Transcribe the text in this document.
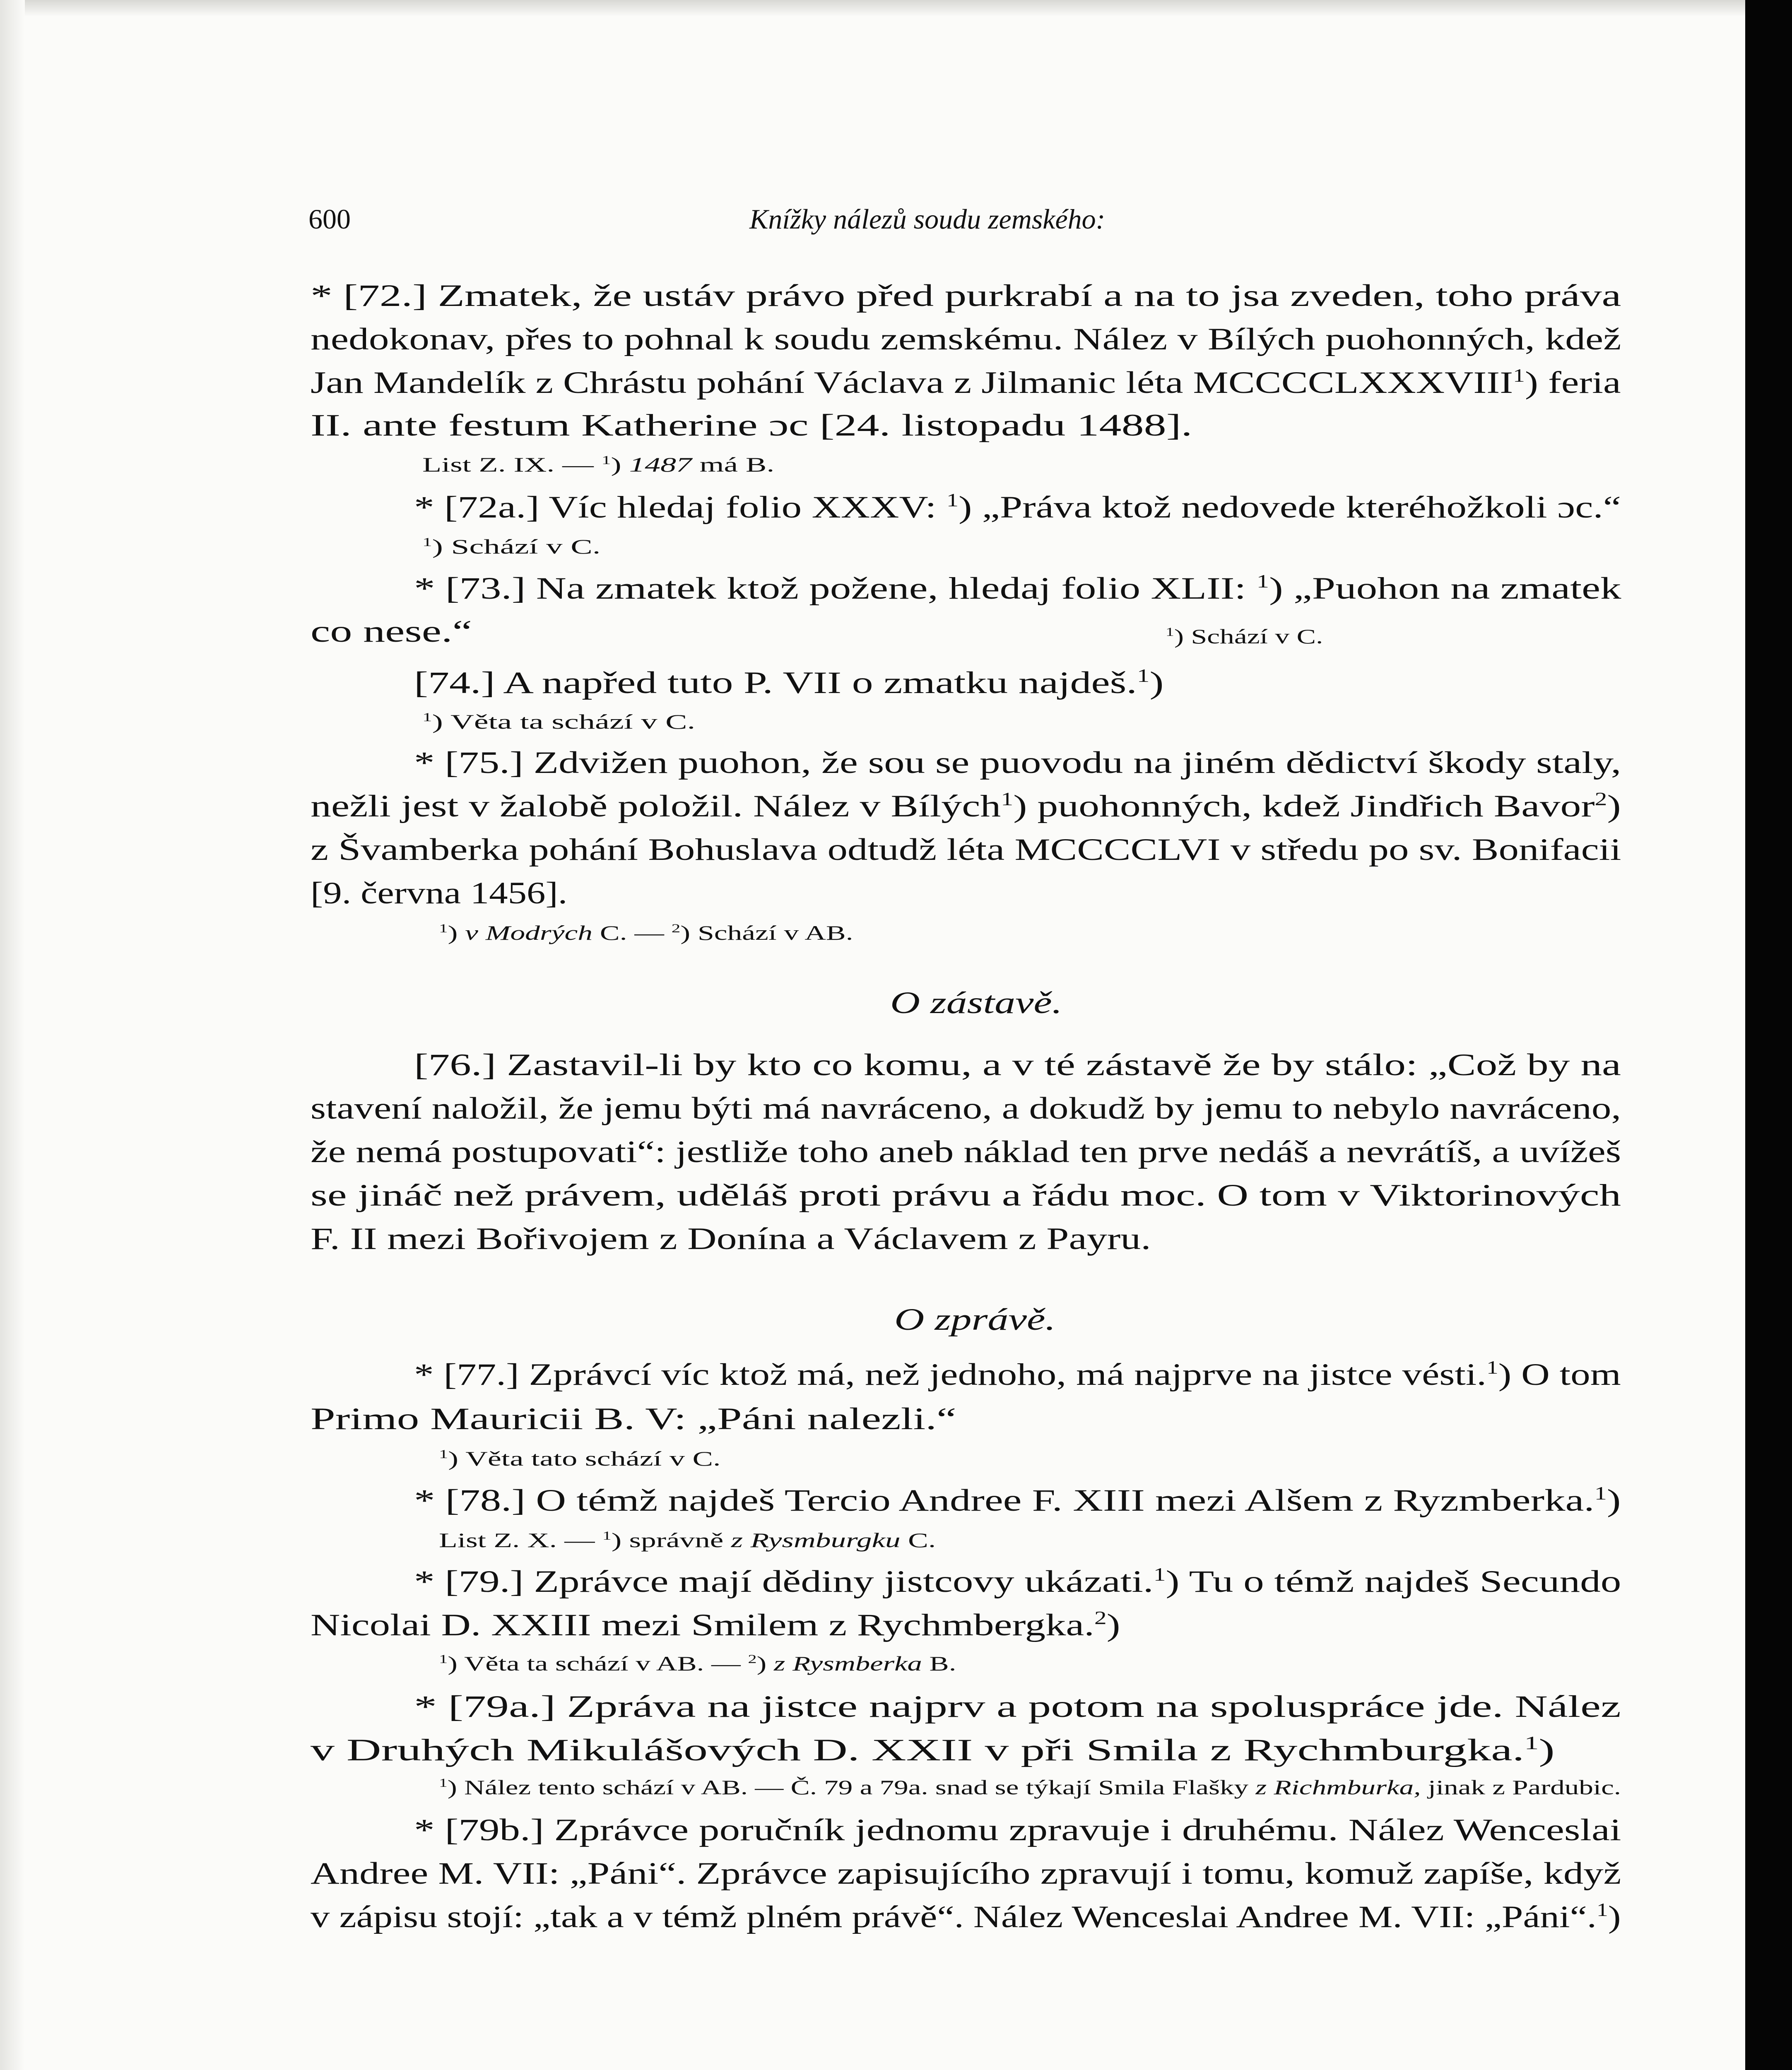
600	Knížky nálezů soudu zemského:
* [72.] Zmatek, že ustáv právo před purkrabí a na to jsa zveden, toho práva
nedokonav, přes to pohnal k soudu zemskému. Nález v Bílých puohonných, kdež
Jan Mandelík z Chrástu pohání Václava z Jilmanic léta MCCCCLXXXVIII$^1$) feria
II. ante festum Katherine ɔc [24. listopadu 1488].
List Z. IX. — $^1$) 1487 má B.
* [72a.] Víc hledaj folio XXXV: $^1$) „Práva ktož nedovede kteréhožkoli ɔc.“
$^1$) Schází v C.
* [73.] Na zmatek ktož požene, hledaj folio XLII: $^1$) „Puohon na zmatek
co nese.“	$^1$) Schází v C.
[74.] A napřed tuto P. VII o zmatku najdeš.$^1$)
$^1$) Věta ta schází v C.
* [75.] Zdvižen puohon, že sou se puovodu na jiném dědictví škody staly,
nežli jest v žalobě položil. Nález v Bílých$^1$) puohonných, kdež Jindřich Bavor$^2$)
z Švamberka pohání Bohuslava odtudž léta MCCCCLVI v středu po sv. Bonifacii
[9. června 1456].
$^1$) v Modrých C. — $^2$) Schází v AB.
O zástavě.
[76.] Zastavil-li by kto co komu, a v té zástavě že by stálo: „Což by na
stavení naložil, že jemu býti má navráceno, a dokudž by jemu to nebylo navráceno,
že nemá postupovati“: jestliže toho aneb náklad ten prve nedáš a nevrátíš, a uvížeš
se jináč než právem, uděláš proti právu a řádu moc. O tom v Viktorinových
F. II mezi Bořivojem z Donína a Václavem z Payru.
O zprávě.
* [77.] Zprávcí víc ktož má, než jednoho, má najprve na jistce vésti.$^1$) O tom
Primo Mauricii B. V: „Páni nalezli.“
$^1$) Věta tato schází v C.
* [78.] O témž najdeš Tercio Andree F. XIII mezi Alšem z Ryzmberka.$^1$)
List Z. X. — $^1$) správně z Rysmburgku C.
* [79.] Zprávce mají dědiny jistcovy ukázati.$^1$) Tu o témž najdeš Secundo
Nicolai D. XXIII mezi Smilem z Rychmbergka.$^2$)
$^1$) Věta ta schází v AB. — $^2$) z Rysmberka B.
* [79a.] Zpráva na jistce najprv a potom na spoluspráce jde. Nález
v Druhých Mikulášových D. XXII v při Smila z Rychmburgka.$^1$)
$^1$) Nález tento schází v AB. — Č. 79 a 79a. snad se týkají Smila Flašky z Richmburka, jinak z Pardubic.
* [79b.] Zprávce poručník jednomu zpravuje i druhému. Nález Wenceslai
Andree M. VII: „Páni“. Zprávce zapisujícího zpravují i tomu, komuž zapíše, když
v zápisu stojí: „tak a v témž plném právě“. Nález Wenceslai Andree M. VII: „Páni“.$^1$)
